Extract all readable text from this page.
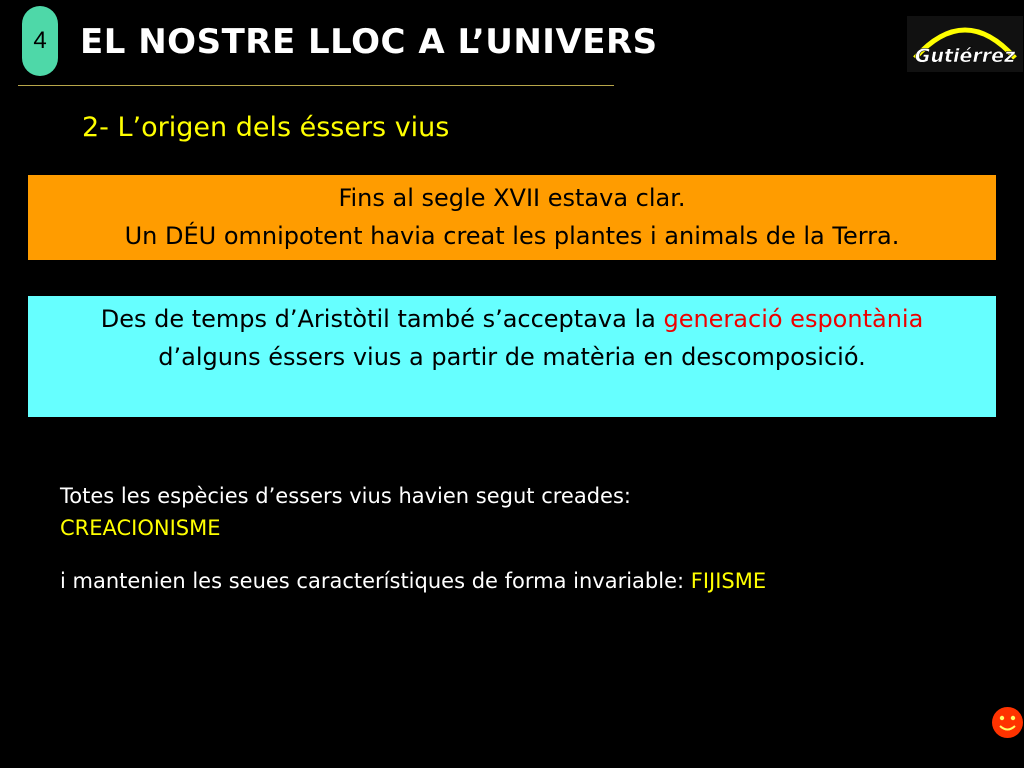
4 EL NOSTRE LLOC A L’UNIVERS	Gutiérrez
2- L’origen dels éssers vius
Fins al segle XVII estava clar.
Un DÉU omnipotent havia creat les plantes i animals de la Terra.
Des de temps d’Aristòtil també s’acceptava la generació espontània d’alguns éssers vius a partir de matèria en descomposició.
Totes les espècies d’essers vius havien segut creades:
CREACIONISME
i mantenien les seues característiques de forma invariable: FIJISME
